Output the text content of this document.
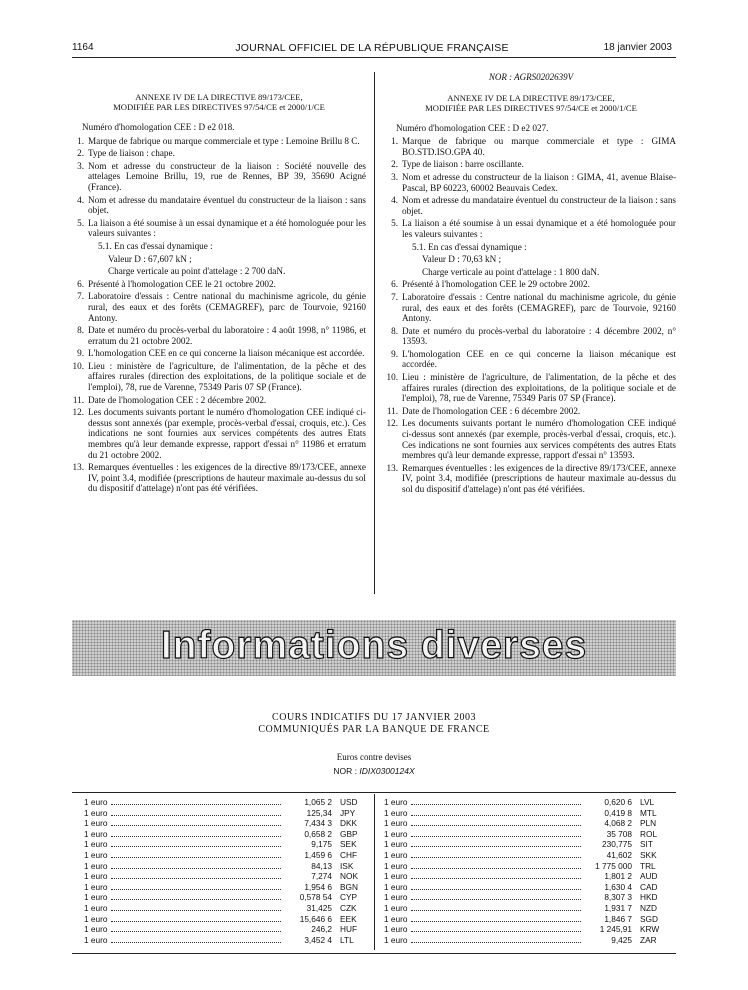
1164	JOURNAL OFFICIEL DE LA RÉPUBLIQUE FRANÇAISE	18 janvier 2003
ANNEXE IV DE LA DIRECTIVE 89/173/CEE,
MODIFIÉE PAR LES DIRECTIVES 97/54/CE et 2000/1/CE
Numéro d'homologation CEE : D e2 018.
1. Marque de fabrique ou marque commerciale et type : Lemoine Brillu 8 C.
2. Type de liaison : chape.
3. Nom et adresse du constructeur de la liaison : Société nouvelle des attelages Lemoine Brillu, 19, rue de Rennes, BP 39, 35690 Acigné (France).
4. Nom et adresse du mandataire éventuel du constructeur de la liaison : sans objet.
5. La liaison a été soumise à un essai dynamique et a été homologuée pour les valeurs suivantes :
5.1. En cas d'essai dynamique :
Valeur D : 67,607 kN ;
Charge verticale au point d'attelage : 2 700 daN.
6. Présenté à l'homologation CEE le 21 octobre 2002.
7. Laboratoire d'essais : Centre national du machinisme agricole, du génie rural, des eaux et des forêts (CEMAGREF), parc de Tourvoie, 92160 Antony.
8. Date et numéro du procès-verbal du laboratoire : 4 août 1998, n° 11986, et erratum du 21 octobre 2002.
9. L'homologation CEE en ce qui concerne la liaison mécanique est accordée.
10. Lieu : ministère de l'agriculture, de l'alimentation, de la pêche et des affaires rurales (direction des exploitations, de la politique sociale et de l'emploi), 78, rue de Varenne, 75349 Paris 07 SP (France).
11. Date de l'homologation CEE : 2 décembre 2002.
12. Les documents suivants portant le numéro d'homologation CEE indiqué ci-dessus sont annexés (par exemple, procès-verbal d'essai, croquis, etc.). Ces indications ne sont fournies aux services compétents des autres Etats membres qu'à leur demande expresse, rapport d'essai n° 11986 et erratum du 21 octobre 2002.
13. Remarques éventuelles : les exigences de la directive 89/173/CEE, annexe IV, point 3.4, modifiée (prescriptions de hauteur maximale au-dessus du sol du dispositif d'attelage) n'ont pas été vérifiées.
NOR : AGRS0202639V
ANNEXE IV DE LA DIRECTIVE 89/173/CEE,
MODIFIÉE PAR LES DIRECTIVES 97/54/CE et 2000/1/CE
Numéro d'homologation CEE : D e2 027.
1. Marque de fabrique ou marque commerciale et type : GIMA BO.STD.ISO.GPA 40.
2. Type de liaison : barre oscillante.
3. Nom et adresse du constructeur de la liaison : GIMA, 41, avenue Blaise-Pascal, BP 60223, 60002 Beauvais Cedex.
4. Nom et adresse du mandataire éventuel du constructeur de la liaison : sans objet.
5. La liaison a été soumise à un essai dynamique et a été homologuée pour les valeurs suivantes :
5.1. En cas d'essai dynamique :
Valeur D : 70,63 kN ;
Charge verticale au point d'attelage : 1 800 daN.
6. Présenté à l'homologation CEE le 29 octobre 2002.
7. Laboratoire d'essais : Centre national du machinisme agricole, du génie rural, des eaux et des forêts (CEMAGREF), parc de Tourvoie, 92160 Antony.
8. Date et numéro du procès-verbal du laboratoire : 4 décembre 2002, n° 13593.
9. L'homologation CEE en ce qui concerne la liaison mécanique est accordée.
10. Lieu : ministère de l'agriculture, de l'alimentation, de la pêche et des affaires rurales (direction des exploitations, de la politique sociale et de l'emploi), 78, rue de Varenne, 75349 Paris 07 SP (France).
11. Date de l'homologation CEE : 6 décembre 2002.
12. Les documents suivants portant le numéro d'homologation CEE indiqué ci-dessus sont annexés (par exemple, procès-verbal d'essai, croquis, etc.). Ces indications ne sont fournies aux services compétents des autres Etats membres qu'à leur demande expresse, rapport d'essai n° 13593.
13. Remarques éventuelles : les exigences de la directive 89/173/CEE, annexe IV, point 3.4, modifiée (prescriptions de hauteur maximale au-dessus du sol du dispositif d'attelage) n'ont pas été vérifiées.
Informations diverses
COURS INDICATIFS DU 17 JANVIER 2003
COMMUNIQUÉS PAR LA BANQUE DE FRANCE
Euros contre devises
NOR : IDIX0300124X
1 euro	1,065 2 USD
1 euro	125,34 JPY
1 euro	7,434 3 DKK
1 euro	0,658 2 GBP
1 euro	9,175 SEK
1 euro	1,459 6 CHF
1 euro	84,13 ISK
1 euro	7,274 NOK
1 euro	1,954 6 BGN
1 euro	0,578 54 CYP
1 euro	31,425 CZK
1 euro	15,646 6 EEK
1 euro	246,2 HUF
1 euro	3,452 4 LTL
1 euro	0,620 6 LVL
1 euro	0,419 8 MTL
1 euro	4,068 2 PLN
1 euro	35 708 ROL
1 euro	230,775 SIT
1 euro	41,602 SKK
1 euro	1 775 000 TRL
1 euro	1,801 2 AUD
1 euro	1,630 4 CAD
1 euro	8,307 3 HKD
1 euro	1,931 7 NZD
1 euro	1,846 7 SGD
1 euro	1 245,91 KRW
1 euro	9,425 ZAR
